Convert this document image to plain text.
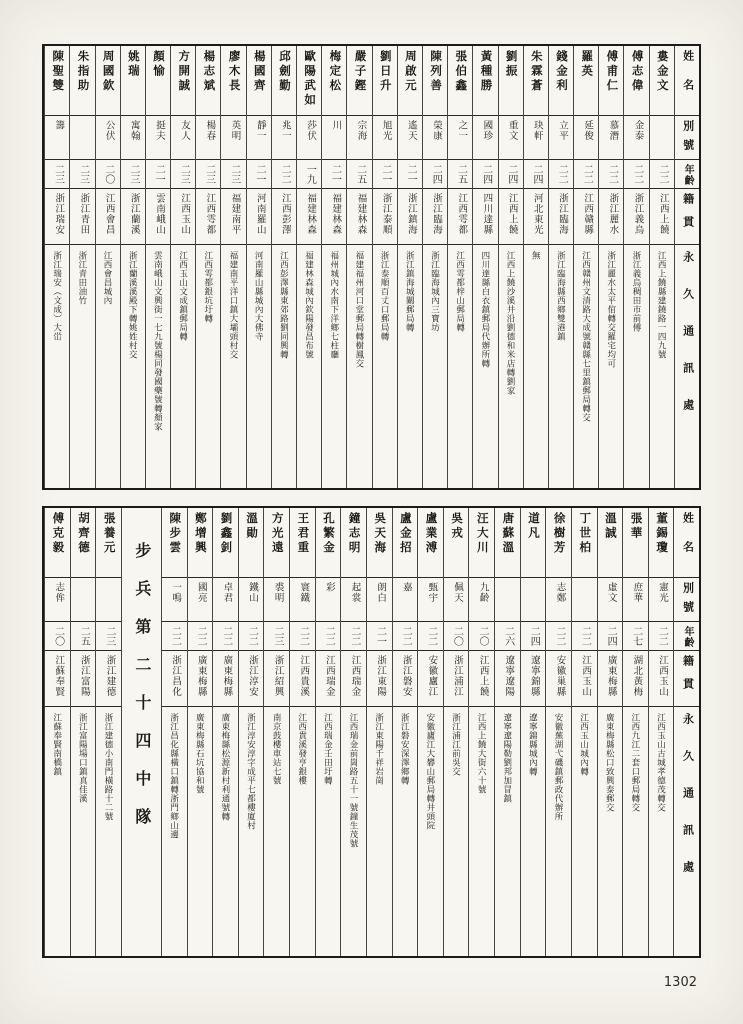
姓名
別號
年齡
籍貫
永久通訊處
婁金文
二二
江西上饒
江西上饒縣建鐃路一四九號
傅志偉
金泰
二二
浙江義烏
浙江義烏稠田市前傅
傅甫仁
慕潛
二二
浙江麗水
浙江麗水太平倌轉交羅宅均可
羅英
延俊
二二
江西贛縣
江西贛州文清路大成號贛縣七里鎮郵局轉交
錢金利
立平
二二
浙江臨海
浙江臨海縣西鄉雙港鎮
朱霖蒼
玦軒
二四
河北東光
無
劉振
重文
二四
江西上饒
江西上饒沙溪井沿劉德和米店轉劉家
黃種勝
國珍
二四
四川達縣
四川達縣白衣鎮郵局代辦所轉
張伯鑫
之一
二五
江西雩都
江西雩都梓山郵局轉
陳列善
榮康
二四
浙江臨海
浙江臨海城內三寶坊
周啟元
遙天
二一
浙江鎮海
浙江鎮海城關郵局轉
劉日升
旭光
二一
浙江泰順
浙江泰順百丈口郵局轉
嚴子鏗
宗海
二五
福建林森
福建福州河口堂郵局轉樹鳳交
梅定松
川
二一
福建林森
福州城內水南下洋鄉七柱廳
歐陽武如
莎伏
一九
福建林森
福建林森城內欽陽發昌布號
邱劍勤
兆一
二二
江西彭澤
江西彭澤縣東郊路劉同興轉
楊國齊
靜一
二一
河南羅山
河南羅山縣城內大佛寺
廖木長
英明
二三
福建南平
福建南平洋口鎮大壩頭村交
楊志斌
楊春
二三
江西雩都
江西雩都銀坑圩轉
方開誠
友人
二三
江西玉山
江西玉山文成鎮郵局轉
顏愉
挺夫
二一
雲南峨山
雲南峨山文興街一七九號楊同發國藥號轉顏家
姚瑞
寓翰
二三
浙江蘭溪
浙江蘭溪溪殿下轉姚姓村交
周國欽
公伏
二〇
江西會昌
江西會昌城內
朱指助
二三
浙江青田
浙江青田油竹
陳聖雙
籌
二三
浙江瑞安
浙江瑞安（文成）大峃
姓名
別號
年齡
籍貫
永久通訊處
董錫瓊
憲光
二二
江西玉山
江西玉山古城孝德茂轉交
張華
庶華
二七
湖北黃梅
江西九江二套口郵局轉交
溫誠
虛文
二四
廣東梅縣
廣東梅縣松口致興泰郵交
丁世柏
二二
江西玉山
江西玉山城內轉
徐樹芳
志鄭
二二
安徽巢縣
安徽蕪湖弋磯鎮郵政代辦所
道凡
二四
遼寧錦縣
遼寧錦縣城內轉
唐蘇溫
二六
遼寧遼陽
遼寧遼陽勒劉邦加冒鎮
汪大川
九齡
二〇
江西上饒
江西上饒大街六十號
吳戎
佩天
二〇
浙江浦江
浙江浦江前吳交
盧業溥
甄宇
二二
安徽廬江
安徽廬江大礬山郵局轉井頭院
盧金招
嘉
二二
浙江磐安
浙江磐安深澤鄉轉
吳天海
朗白
二一
浙江東陽
浙江東陽千祥岩崗
鐘志明
起裳
二二
江西瑞金
江西瑞金前崗路五十一號鐘生茂號
孔繁金
彩
二二
江西瑞金
江西瑞金壬田圩轉
王君重
寰鐵
二二
江西貴溪
江西貴溪發亨銀樓
方光遠
裘明
二三
浙江紹興
南京鼓樓車站七號
溫勛
鐵山
二二
浙江淳安
浙江淳安淳字成平七都樓廈村
劉鑫釗
卓君
二二
廣東梅縣
廣東梅縣松源新村利通號轉
鄭增興
國亮
二二
廣東梅縣
廣東梅縣石坑協和號
陳步雲
一鳴
二二
浙江昌化
浙江昌化縣橫口鎮轉浙門鄉山邊
步兵第二十四中隊
張養元
二三
浙江建德
浙江建德小南門橫路十二號
胡齊德
二五
浙江富陽
浙江富陽場口鎮真佳溪
傅克毅
志侔
二〇
江蘇奉賢
江蘇奉賢南橋鎮
1302
